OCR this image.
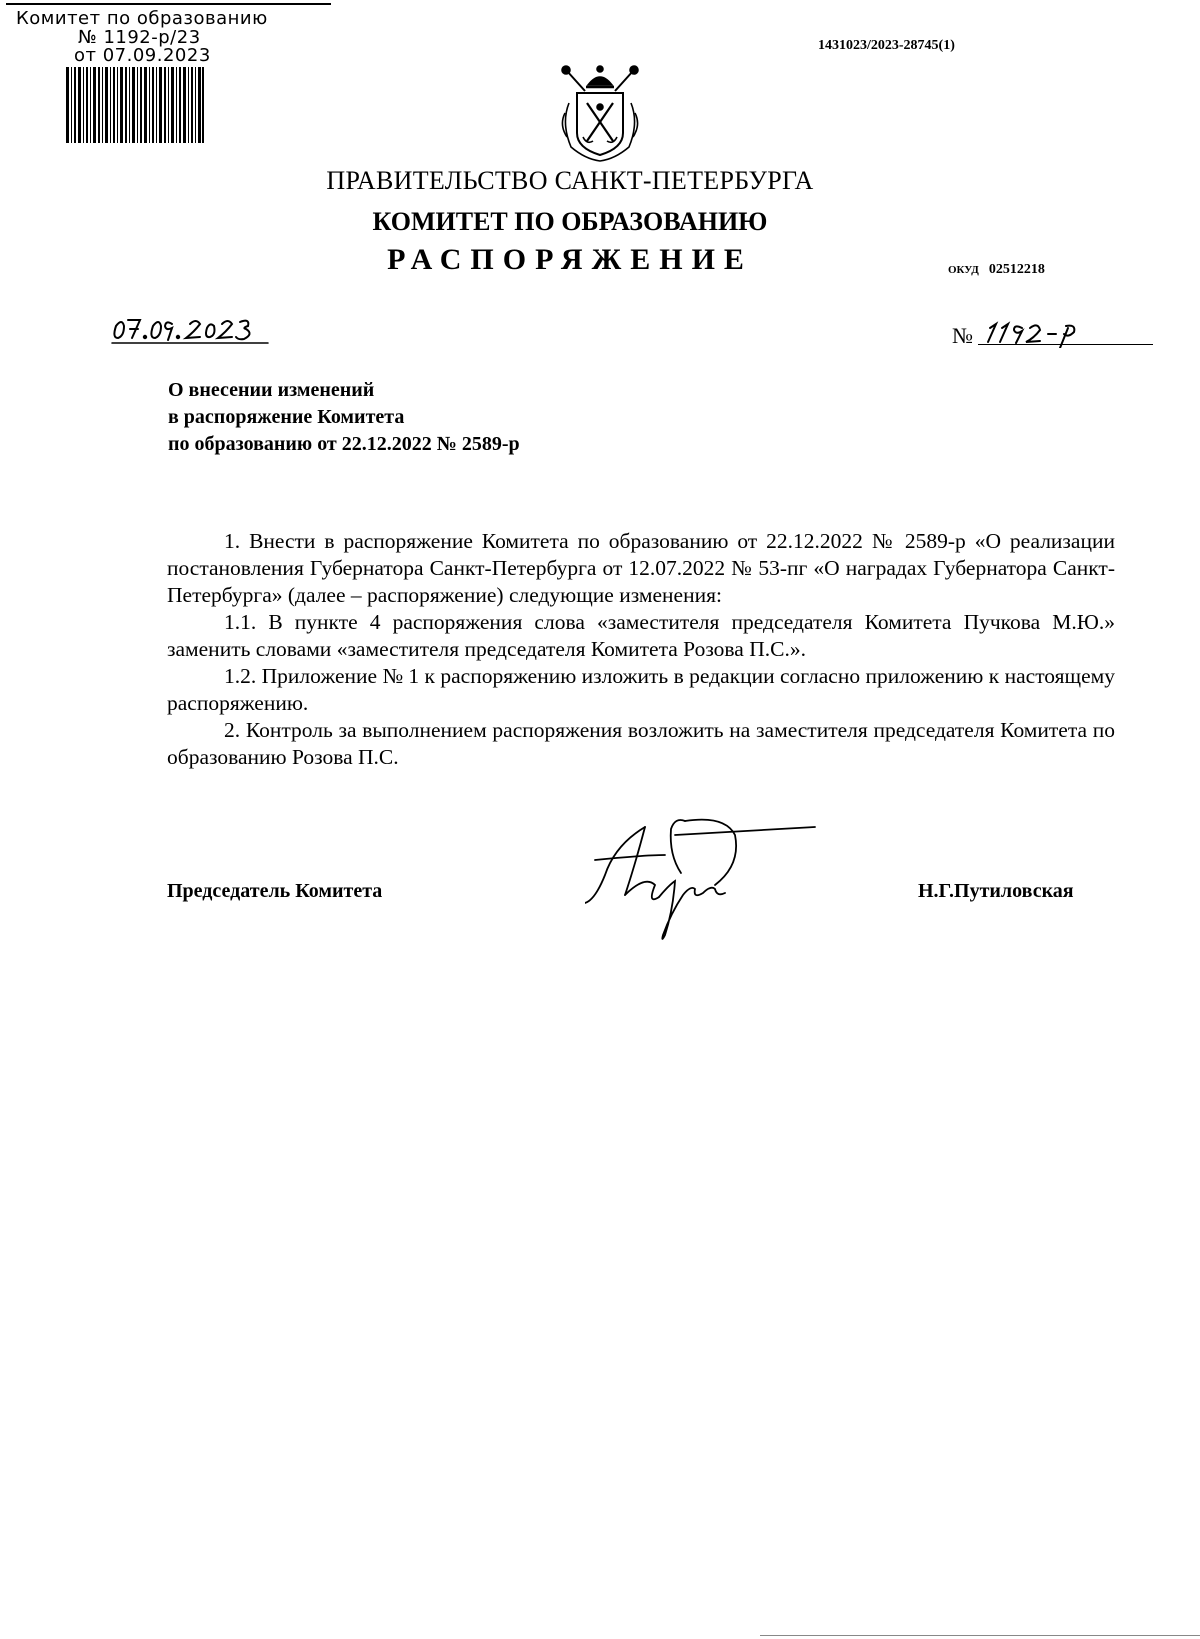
Комитет по образованию
№ 1192-р/23
от 07.09.2023	1431023/2023-28745(1)
ПРАВИТЕЛЬСТВО САНКТ-ПЕТЕРБУРГА
КОМИТЕТ ПО ОБРАЗОВАНИЮ
РАСПОРЯЖЕНИЕ	ОКУД 02512218
№
О внесении изменений
в распоряжение Комитета
по образованию от 22.12.2022 № 2589-р

1. Внести в распоряжение Комитета по образованию от 22.12.2022 № 2589-р «О реализации постановления Губернатора Санкт-Петербурга от 12.07.2022 № 53-пг «О наградах Губернатора Санкт-Петербурга» (далее – распоряжение) следующие изменения:

1.1. В пункте 4 распоряжения слова «заместителя председателя Комитета Пучкова М.Ю.» заменить словами «заместителя председателя Комитета Розова П.С.».

1.2. Приложение № 1 к распоряжению изложить в редакции согласно приложению к настоящему распоряжению.

2. Контроль за выполнением распоряжения возложить на заместителя председателя Комитета по образованию Розова П.С.

Председатель Комитета	Н.Г.Путиловская
